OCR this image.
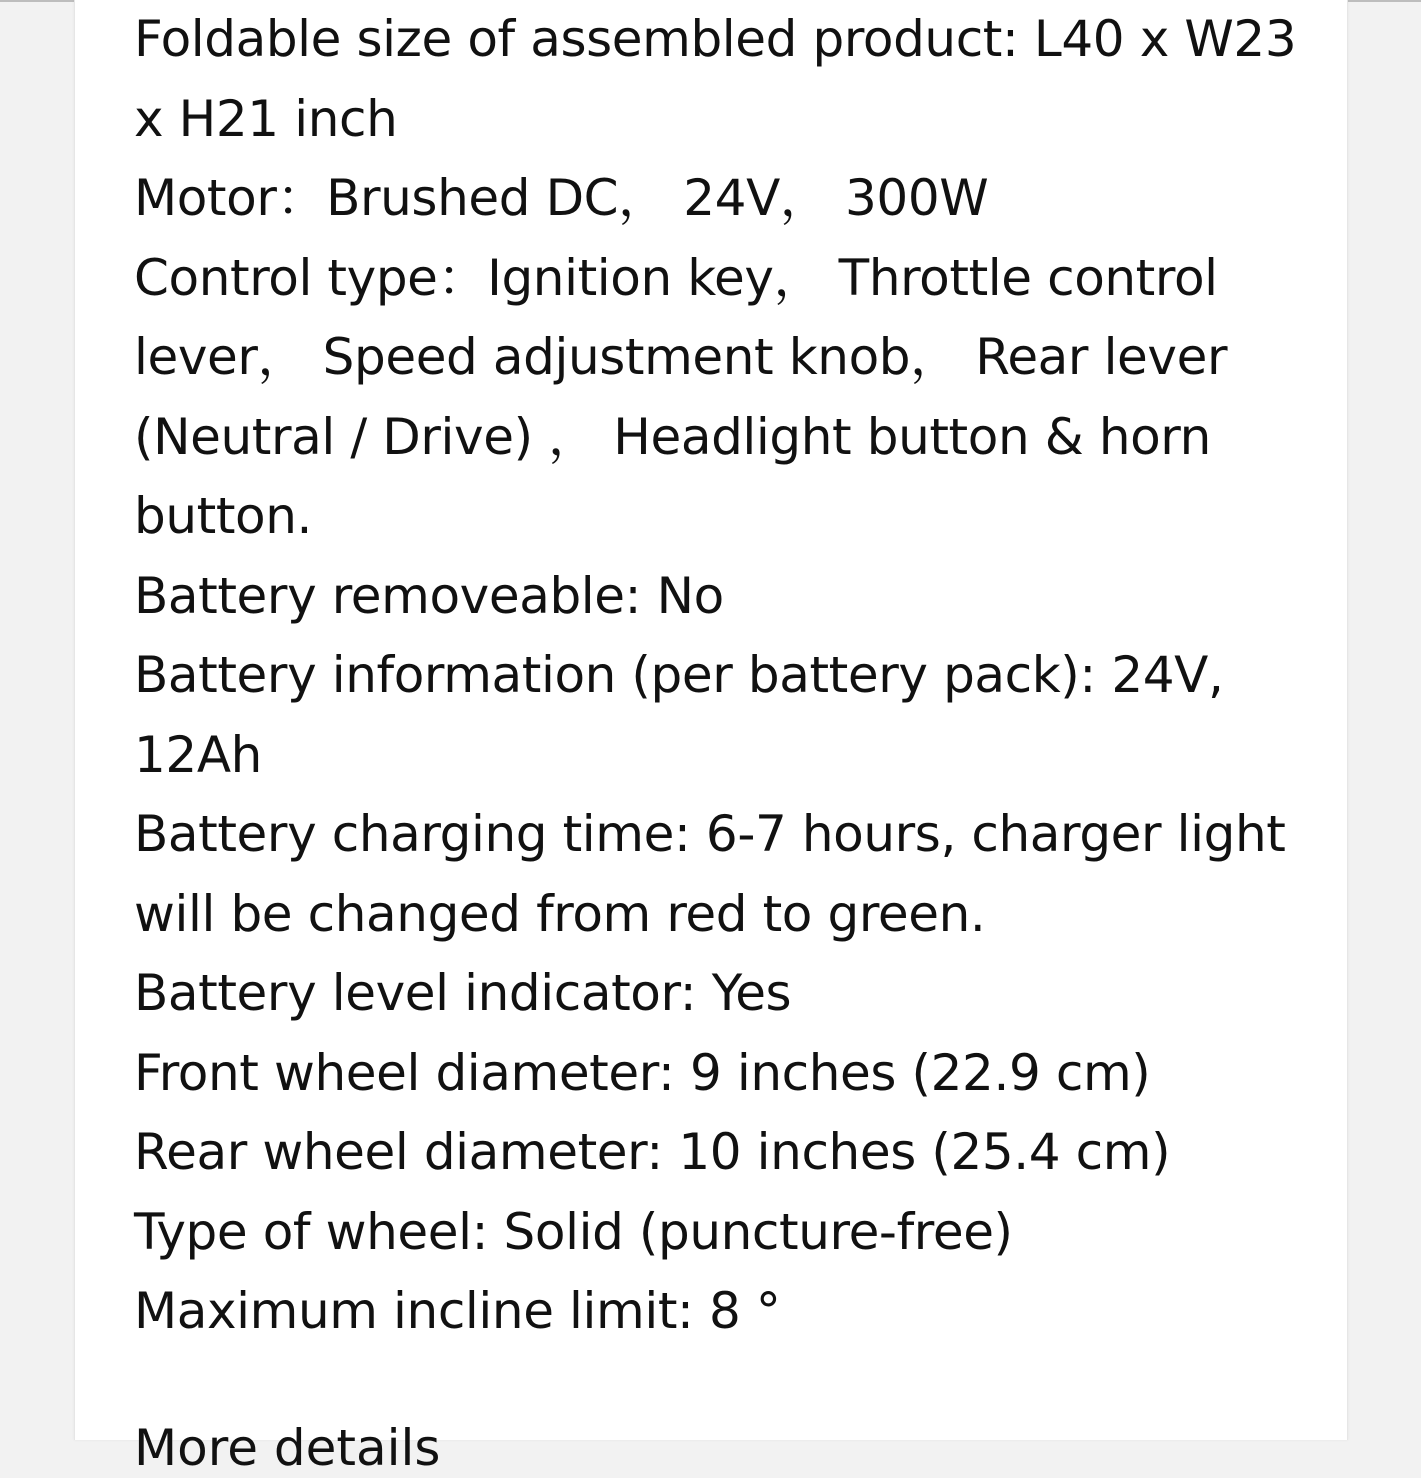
Foldable size of assembled product: L40 x W23 x H21 inch

Motor：Brushed DC， 24V， 300W

Control type：Ignition key， Throttle control lever， Speed adjustment knob， Rear lever (Neutral / Drive) ， Headlight button & horn button.

Battery removeable: No

Battery information (per battery pack): 24V, 12Ah

Battery charging time: 6-7 hours, charger light will be changed from red to green.

Battery level indicator: Yes

Front wheel diameter: 9 inches (22.9 cm)

Rear wheel diameter: 10 inches (25.4 cm)

Type of wheel: Solid (puncture-free)

Maximum incline limit: 8 °

More details
